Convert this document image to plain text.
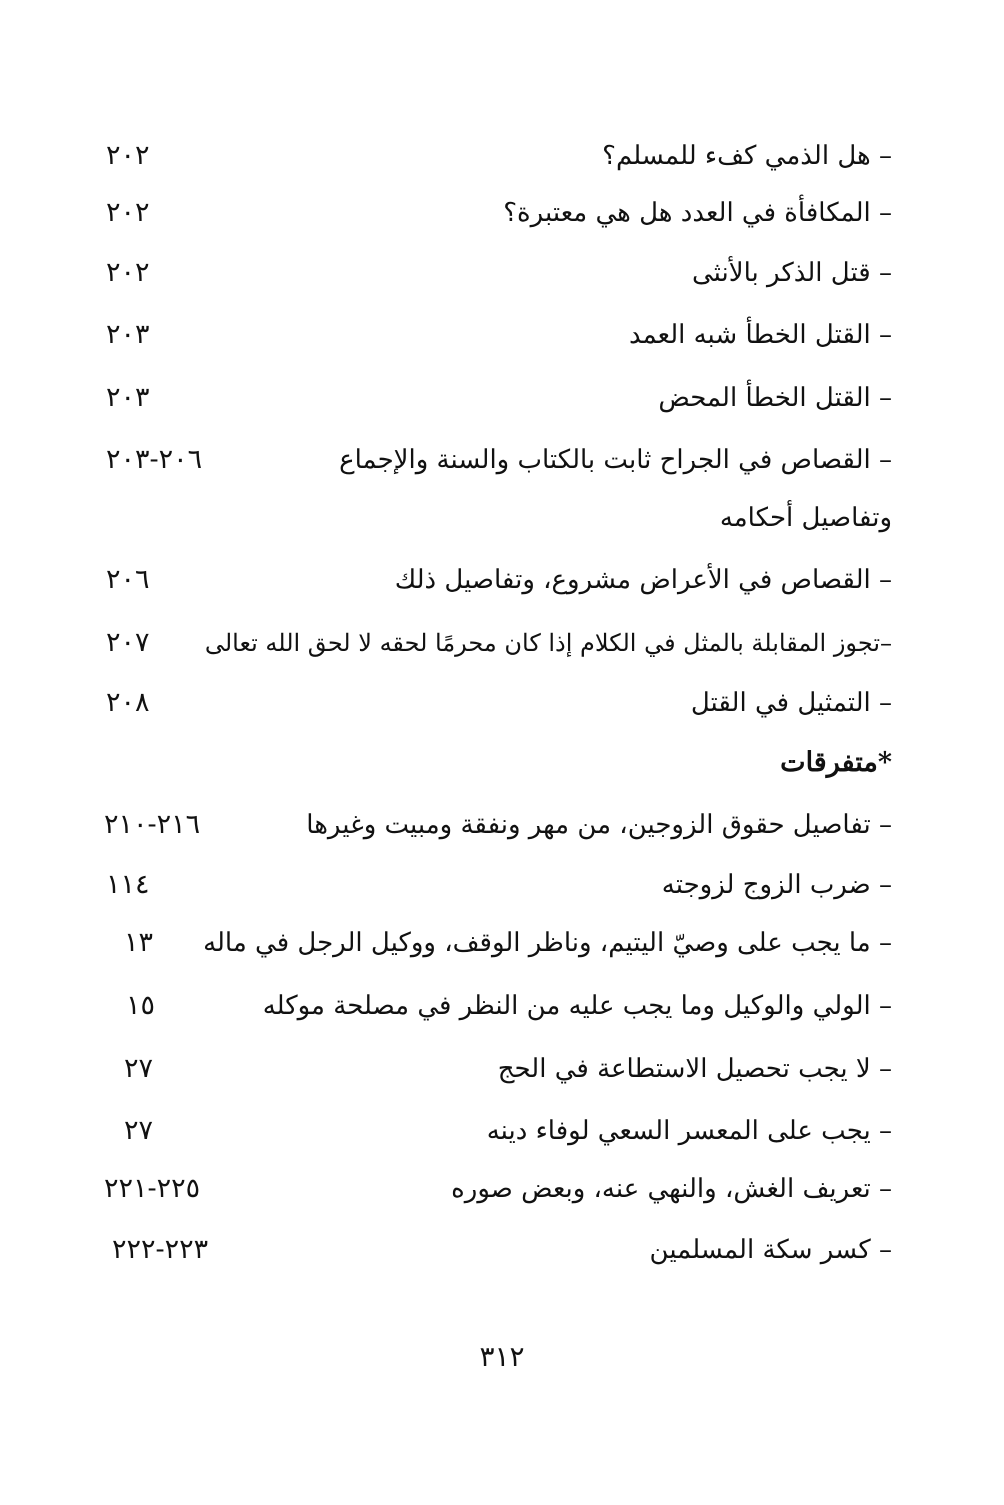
– هل الذمي كفء للمسلم؟
٢٠٢
– المكافأة في العدد هل هي معتبرة؟
٢٠٢
– قتل الذكر بالأنثى
٢٠٢
– القتل الخطأ شبه العمد
٢٠٣
– القتل الخطأ المحض
٢٠٣
– القصاص في الجراح ثابت بالكتاب والسنة والإجماع
٢٠٦-٢٠٣
وتفاصيل أحكامه
– القصاص في الأعراض مشروع، وتفاصيل ذلك
٢٠٦
–تجوز المقابلة بالمثل في الكلام إذا كان محرمًا لحقه لا لحق الله تعالى
٢٠٧
– التمثيل في القتل
٢٠٨
*متفرقات
– تفاصيل حقوق الزوجين، من مهر ونفقة ومبيت وغيرها
٢١٦-٢١٠
– ضرب الزوج لزوجته
١١٤
– ما يجب على وصيّ اليتيم، وناظر الوقف، ووكيل الرجل في ماله
١٣
– الولي والوكيل وما يجب عليه من النظر في مصلحة موكله
١٥
– لا يجب تحصيل الاستطاعة في الحج
٢٧
– يجب على المعسر السعي لوفاء دينه
٢٧
– تعريف الغش، والنهي عنه، وبعض صوره
٢٢٥-٢٢١
– كسر سكة المسلمين
٢٢٣-٢٢٢
٣١٢
